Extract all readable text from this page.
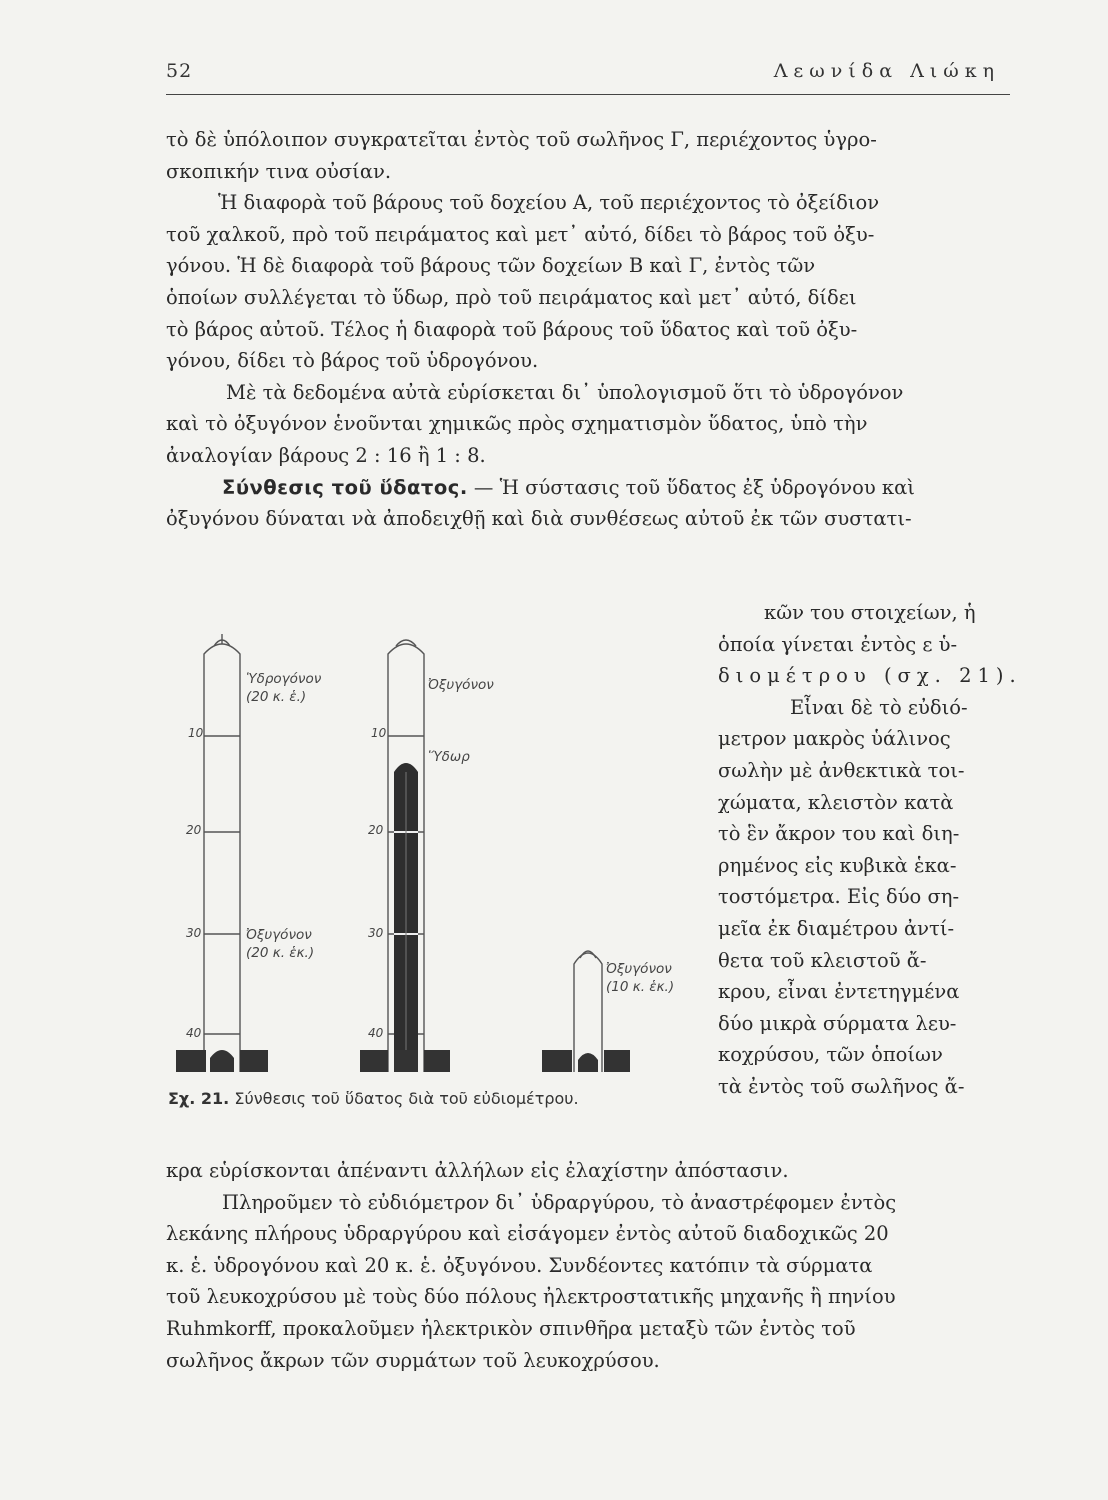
52	Λεωνίδα Λιώκη
τὸ δὲ ὑπόλοιπον συγκρατεῖται ἐντὸς τοῦ σωλῆνος Γ, περιέχοντος ὑγρο-
σκοπικήν τινα οὐσίαν.
Ἡ διαφορὰ τοῦ βάρους τοῦ δοχείου Α, τοῦ περιέχοντος τὸ ὀξείδιον
τοῦ χαλκοῦ, πρὸ τοῦ πειράματος καὶ μετ᾽ αὐτό, δίδει τὸ βάρος τοῦ ὀξυ-
γόνου. Ἡ δὲ διαφορὰ τοῦ βάρους τῶν δοχείων Β καὶ Γ, ἐντὸς τῶν
ὁποίων συλλέγεται τὸ ὕδωρ, πρὸ τοῦ πειράματος καὶ μετ᾽ αὐτό, δίδει
τὸ βάρος αὐτοῦ. Τέλος ἡ διαφορὰ τοῦ βάρους τοῦ ὕδατος καὶ τοῦ ὀξυ-
γόνου, δίδει τὸ βάρος τοῦ ὑδρογόνου.
Μὲ τὰ δεδομένα αὐτὰ εὑρίσκεται δι᾽ ὑπολογισμοῦ ὅτι τὸ ὑδρογόνον
καὶ τὸ ὀξυγόνον ἑνοῦνται χημικῶς πρὸς σχηματισμὸν ὕδατος, ὑπὸ τὴν
ἀναλογίαν βάρους 2 : 16 ἢ 1 : 8.
Σύνθεσις τοῦ ὕδατος. — Ἡ σύστασις τοῦ ὕδατος ἐξ ὑδρογόνου καὶ
ὀξυγόνου δύναται νὰ ἀποδειχθῇ καὶ διὰ συνθέσεως αὐτοῦ ἐκ τῶν συστατι-
κῶν του στοιχείων, ἡ
ὁποία γίνεται ἐντὸς ε ὑ-
διομέτρου (σχ. 21).
Εἶναι δὲ τὸ εὐδιό-
μετρον μακρὸς ὑάλινος
σωλὴν μὲ ἀνθεκτικὰ τοι-
χώματα, κλειστὸν κατὰ
τὸ ἓν ἄκρον του καὶ διη-
ρημένος εἰς κυβικὰ ἑκα-
τοστόμετρα. Εἰς δύο ση-
μεῖα ἐκ διαμέτρου ἀντί-
θετα τοῦ κλειστοῦ ἄ-
κρου, εἶναι ἐντετηγμένα
δύο μικρὰ σύρματα λευ-
κοχρύσου, τῶν ὁποίων
τὰ ἐντὸς τοῦ σωλῆνος ἄ-
10
20
30
40
10
20
30
40
Ὑδρογόνον
(20 κ. ἑ.)
Ὀξυγόνον
(20 κ. ἑκ.)
Ὀξυγόνον
Ὕδωρ
Ὀξυγόνον
(10 κ. ἑκ.)
Σχ. 21. Σύνθεσις τοῦ ὕδατος διὰ τοῦ εὐδιομέτρου.
κρα εὑρίσκονται ἀπέναντι ἀλλήλων εἰς ἐλαχίστην ἀπόστασιν.
Πληροῦμεν τὸ εὐδιόμετρον δι᾽ ὑδραργύρου, τὸ ἀναστρέφομεν ἐντὸς
λεκάνης πλήρους ὑδραργύρου καὶ εἰσάγομεν ἐντὸς αὐτοῦ διαδοχικῶς 20
κ. ἑ. ὑδρογόνου καὶ 20 κ. ἑ. ὀξυγόνου. Συνδέοντες κατόπιν τὰ σύρματα
τοῦ λευκοχρύσου μὲ τοὺς δύο πόλους ἠλεκτροστατικῆς μηχανῆς ἢ πηνίου
Ruhmkorff, προκαλοῦμεν ἠλεκτρικὸν σπινθῆρα μεταξὺ τῶν ἐντὸς τοῦ
σωλῆνος ἄκρων τῶν συρμάτων τοῦ λευκοχρύσου.
